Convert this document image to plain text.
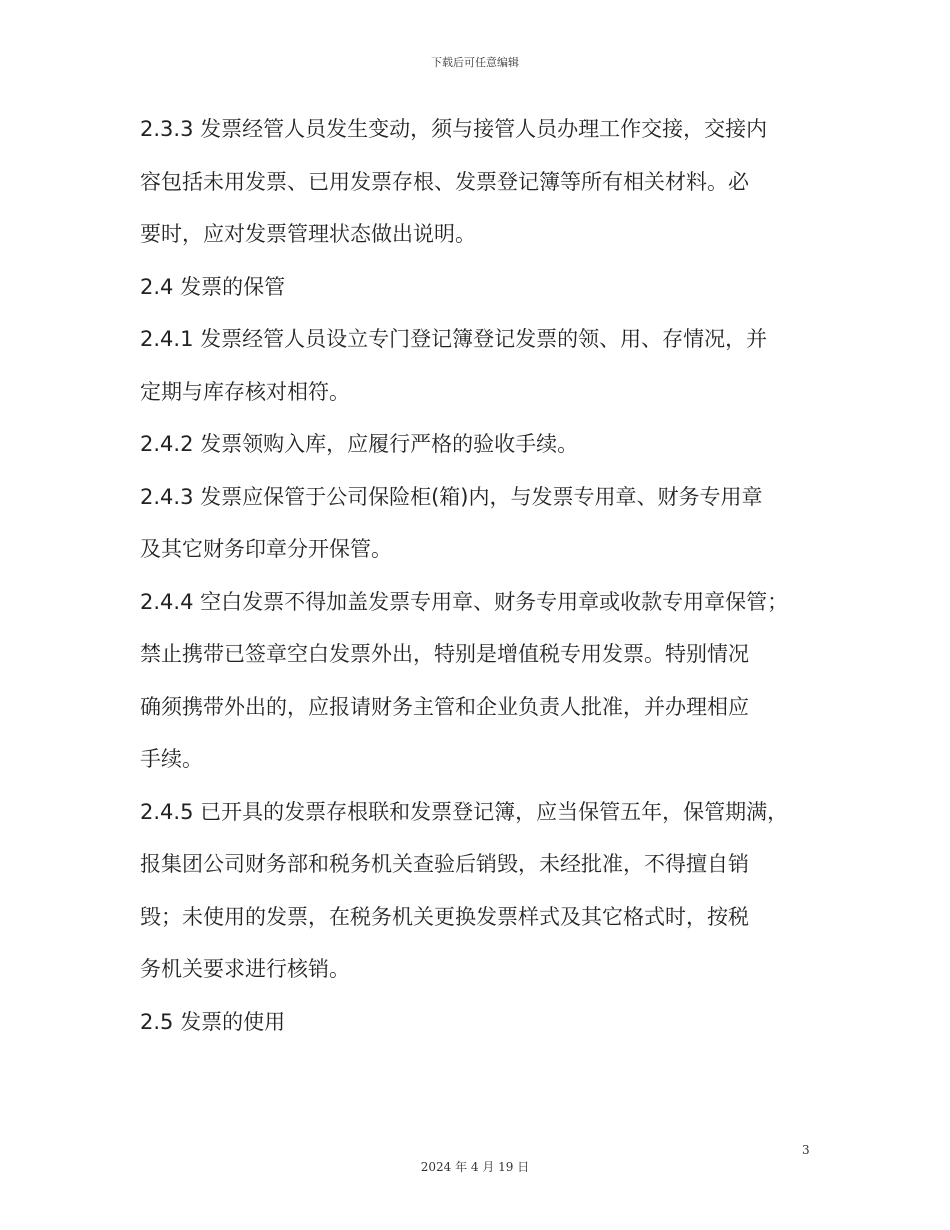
下载后可任意编辑
2.3.3 发票经管人员发生变动，须与接管人员办理工作交接，交接内
容包括未用发票、已用发票存根、发票登记簿等所有相关材料。必
要时，应对发票管理状态做出说明。
2.4 发票的保管
2.4.1 发票经管人员设立专门登记簿登记发票的领、用、存情况，并
定期与库存核对相符。
2.4.2 发票领购入库，应履行严格的验收手续。
2.4.3 发票应保管于公司保险柜(箱)内，与发票专用章、财务专用章
及其它财务印章分开保管。
2.4.4 空白发票不得加盖发票专用章、财务专用章或收款专用章保管；
禁止携带已签章空白发票外出，特别是增值税专用发票。特别情况
确须携带外出的，应报请财务主管和企业负责人批准，并办理相应
手续。
2.4.5 已开具的发票存根联和发票登记簿，应当保管五年，保管期满，
报集团公司财务部和税务机关查验后销毁，未经批准，不得擅自销
毁；未使用的发票，在税务机关更换发票样式及其它格式时，按税
务机关要求进行核销。
2.5 发票的使用
3
2024 年 4 月 19 日
